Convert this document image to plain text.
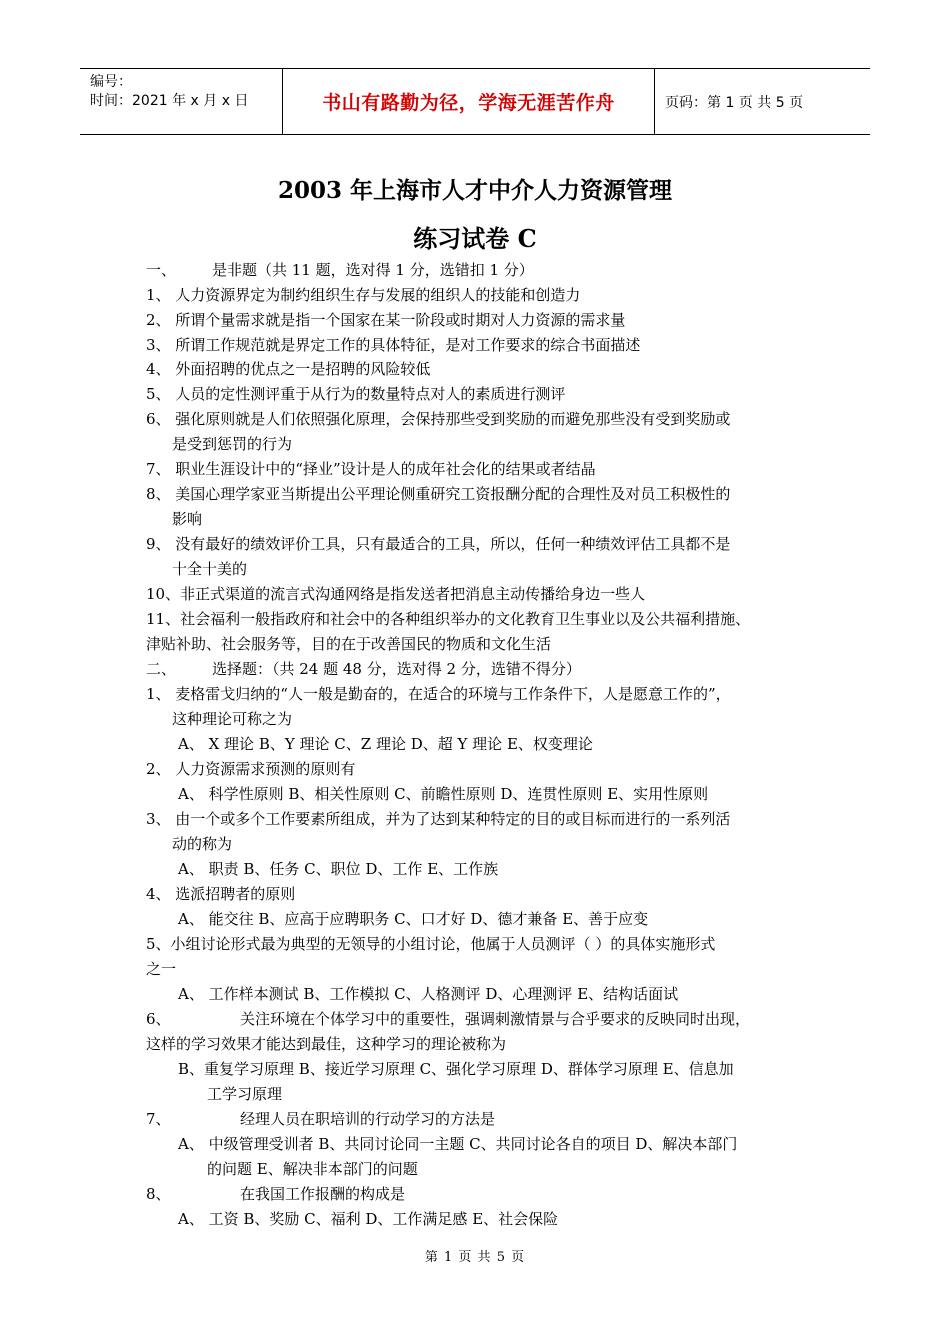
编号：
时间：2021 年 x 月 x 日	书山有路勤为径，学海无涯苦作舟	页码：第 1 页 共 5 页
2003 年上海市人才中介人力资源管理
练习试卷 C
一、 是非题（共 11 题，选对得 1 分，选错扣 1 分）
1、 人力资源界定为制约组织生存与发展的组织人的技能和创造力
2、 所谓个量需求就是指一个国家在某一阶段或时期对人力资源的需求量
3、 所谓工作规范就是界定工作的具体特征，是对工作要求的综合书面描述
4、 外面招聘的优点之一是招聘的风险较低
5、 人员的定性测评重于从行为的数量特点对人的素质进行测评
6、 强化原则就是人们依照强化原理，会保持那些受到奖励的而避免那些没有受到奖励或
是受到惩罚的行为
7、 职业生涯设计中的“择业”设计是人的成年社会化的结果或者结晶
8、 美国心理学家亚当斯提出公平理论侧重研究工资报酬分配的合理性及对员工积极性的
影响
9、 没有最好的绩效评价工具，只有最适合的工具，所以，任何一种绩效评估工具都不是
十全十美的
10、非正式渠道的流言式沟通网络是指发送者把消息主动传播给身边一些人
11、社会福利一般指政府和社会中的各种组织举办的文化教育卫生事业以及公共福利措施、
津贴补助、社会服务等，目的在于改善国民的物质和文化生活
二、 选择题：（共 24 题 48 分，选对得 2 分，选错不得分）
1、 麦格雷戈归纳的“人一般是勤奋的，在适合的环境与工作条件下，人是愿意工作的”，
这种理论可称之为
A、 X 理论 B、Y 理论 C、Z 理论 D、超 Y 理论 E、权变理论
2、 人力资源需求预测的原则有
A、 科学性原则 B、相关性原则 C、前瞻性原则 D、连贯性原则 E、实用性原则
3、 由一个或多个工作要素所组成，并为了达到某种特定的目的或目标而进行的一系列活
动的称为
A、 职责 B、任务 C、职位 D、工作 E、工作族
4、 选派招聘者的原则
A、 能交往 B、应高于应聘职务 C、口才好 D、德才兼备 E、善于应变
5、小组讨论形式最为典型的无领导的小组讨论，他属于人员测评（ ）的具体实施形式
之一
A、 工作样本测试 B、工作模拟 C、人格测评 D、心理测评 E、结构话面试
6、	关注环境在个体学习中的重要性，强调刺激情景与合乎要求的反映同时出现，
这样的学习效果才能达到最佳，这种学习的理论被称为
B、重复学习原理 B、接近学习原理 C、强化学习原理 D、群体学习原理 E、信息加
工学习原理
7、	经理人员在职培训的行动学习的方法是
A、 中级管理受训者 B、共同讨论同一主题 C、共同讨论各自的项目 D、解决本部门
的问题 E、解决非本部门的问题
8、	在我国工作报酬的构成是
A、 工资 B、奖励 C、福利 D、工作满足感 E、社会保险
第 1 页 共 5 页
